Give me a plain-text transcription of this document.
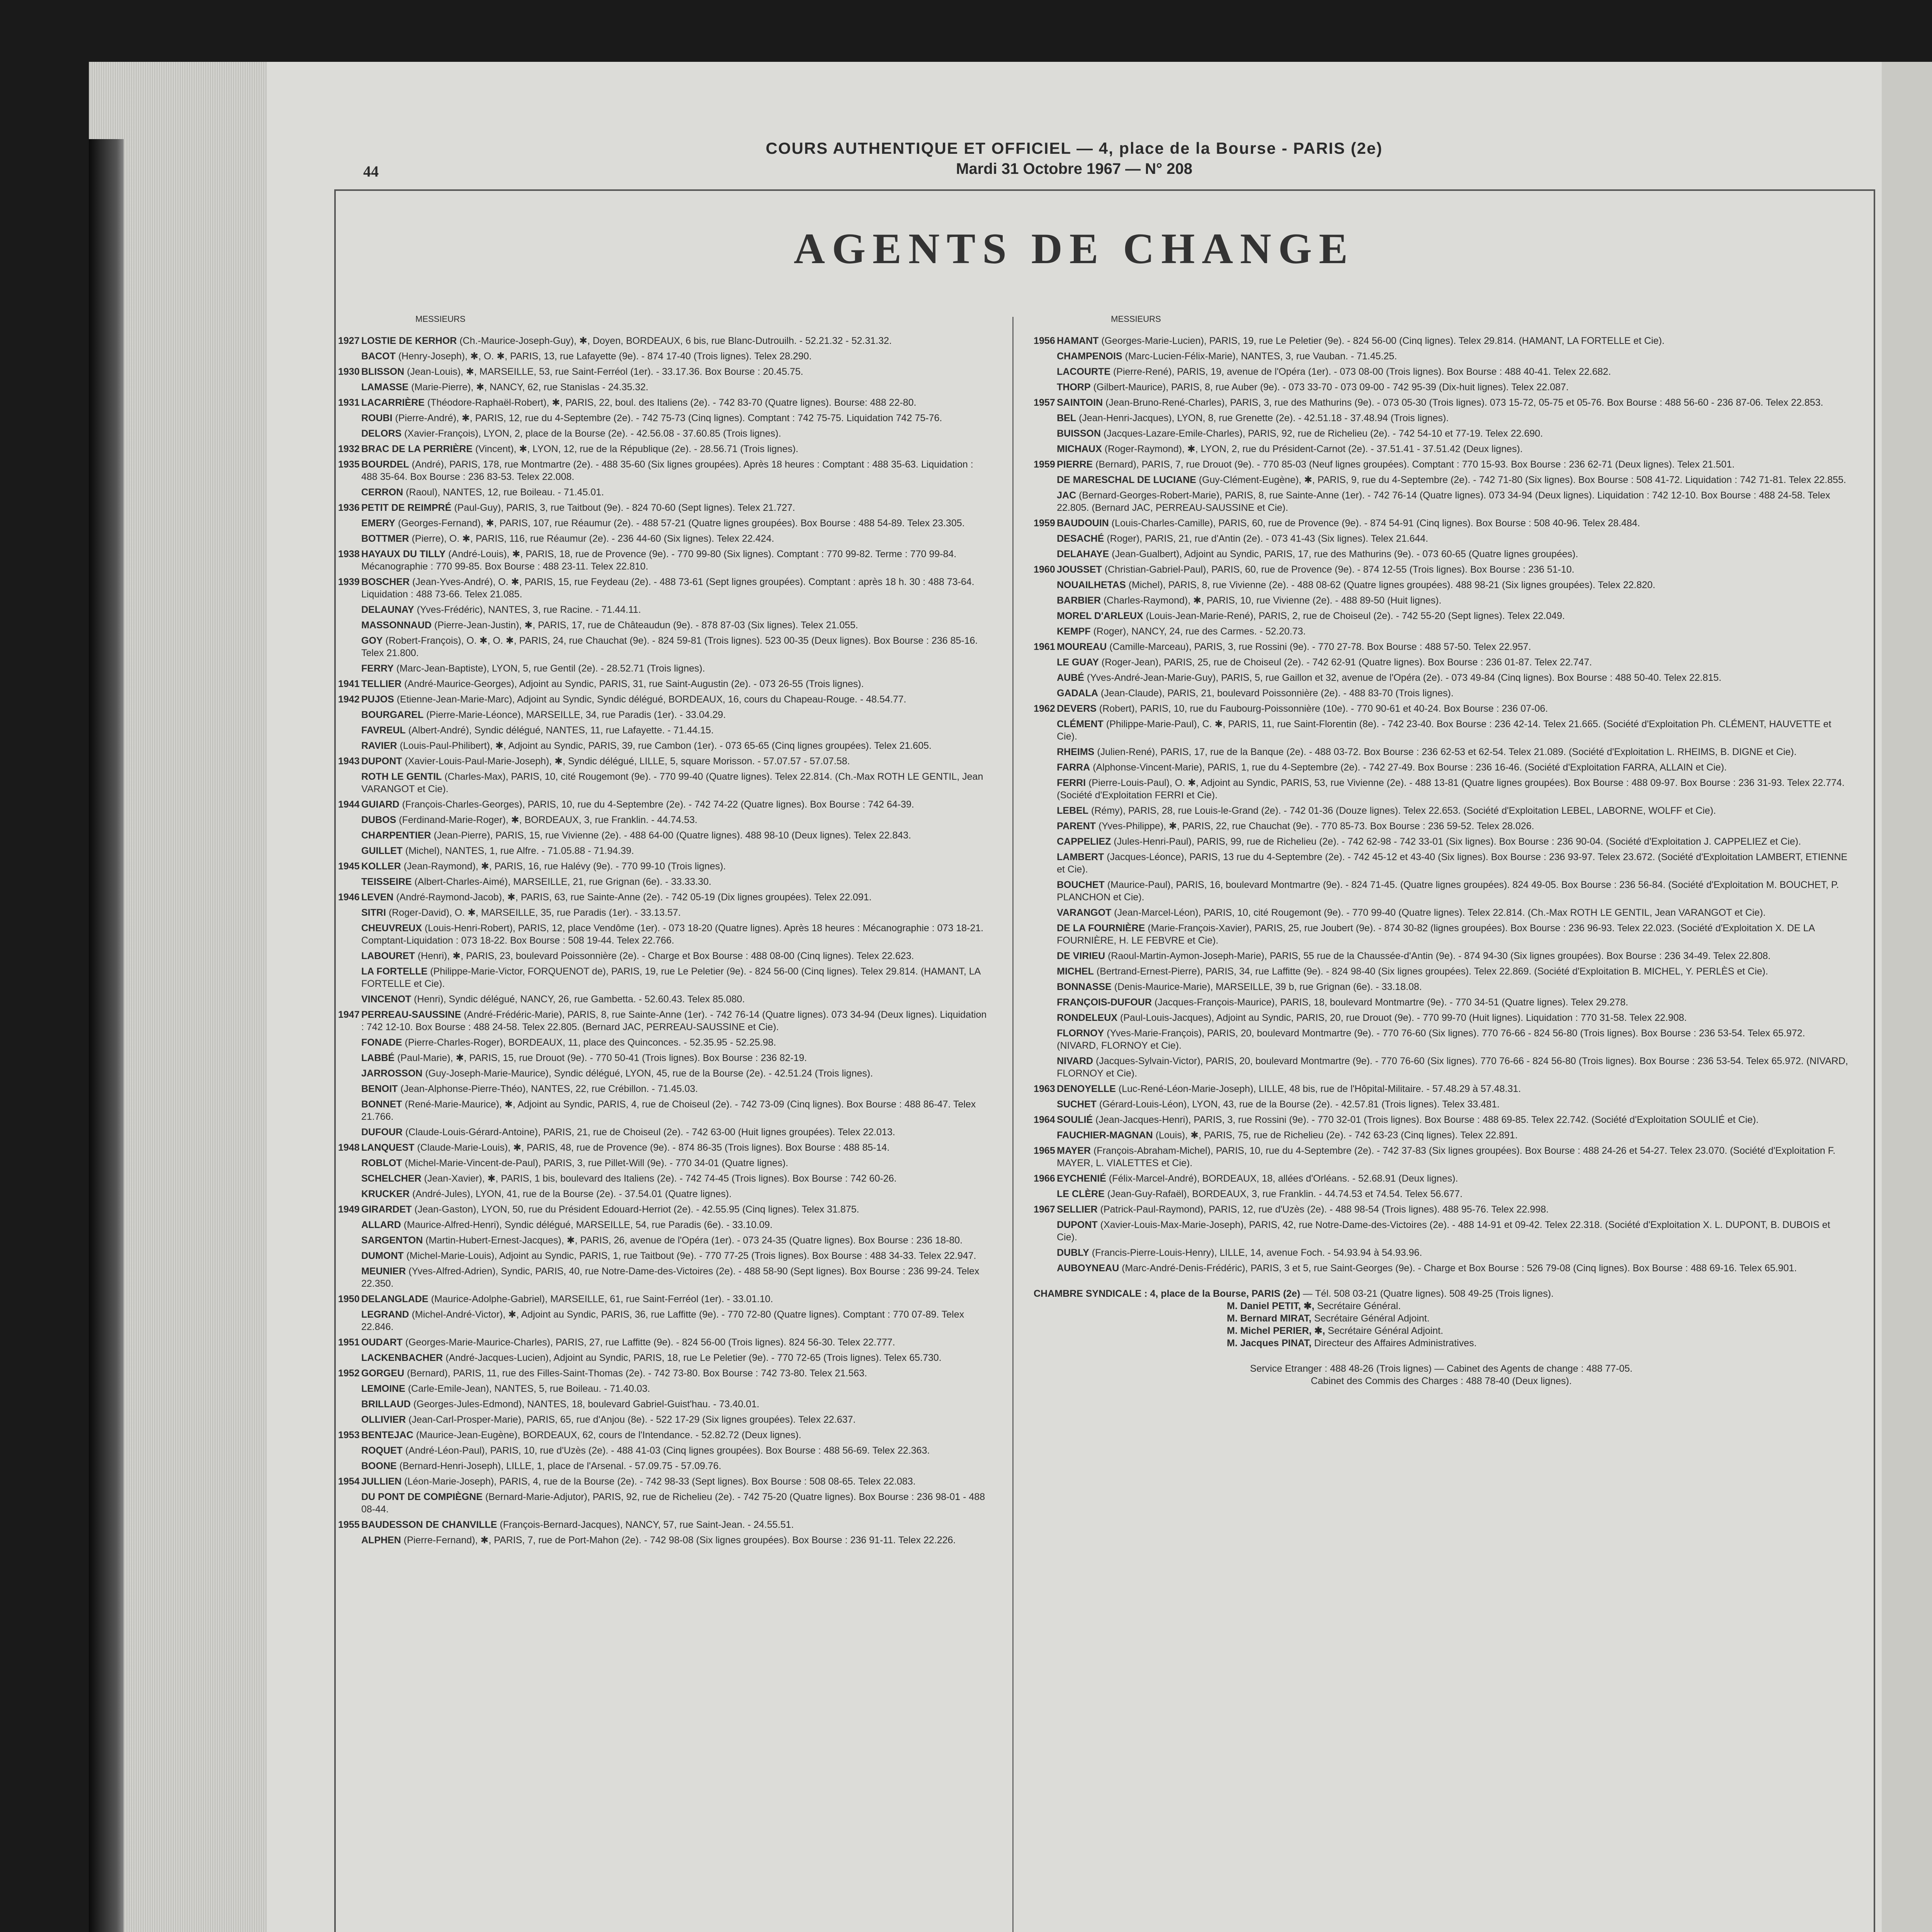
44
COURS AUTHENTIQUE ET OFFICIEL — 4, place de la Bourse - PARIS (2e)
Mardi 31 Octobre 1967 — N° 208
AGENTS DE CHANGE
MESSIEURS
1927 LOSTIE DE KERHOR (Ch.-Maurice-Joseph-Guy), ✱, Doyen, BORDEAUX, 6 bis, rue Blanc-Dutrouilh. - 52.21.32 - 52.31.32.
BACOT (Henry-Joseph), ✱, O. ✱, PARIS, 13, rue Lafayette (9e). - 874 17-40 (Trois lignes). Telex 28.290.
1930 BLISSON (Jean-Louis), ✱, MARSEILLE, 53, rue Saint-Ferréol (1er). - 33.17.36. Box Bourse : 20.45.75.
LAMASSE (Marie-Pierre), ✱, NANCY, 62, rue Stanislas - 24.35.32.
1931 LACARRIÈRE (Théodore-Raphaël-Robert), ✱, PARIS, 22, boul. des Italiens (2e). - 742 83-70 (Quatre lignes). Bourse: 488 22-80.
ROUBI (Pierre-André), ✱, PARIS, 12, rue du 4-Septembre (2e). - 742 75-73 (Cinq lignes). Comptant : 742 75-75. Liquidation 742 75-76.
DELORS (Xavier-François), LYON, 2, place de la Bourse (2e). - 42.56.08 - 37.60.85 (Trois lignes).
1932 BRAC DE LA PERRIÈRE (Vincent), ✱, LYON, 12, rue de la République (2e). - 28.56.71 (Trois lignes).
1935 BOURDEL (André), PARIS, 178, rue Montmartre (2e). - 488 35-60 (Six lignes groupées). Après 18 heures : Comptant : 488 35-63. Liquidation : 488 35-64. Box Bourse : 236 83-53. Telex 22.008.
CERRON (Raoul), NANTES, 12, rue Boileau. - 71.45.01.
1936 PETIT DE REIMPRÉ (Paul-Guy), PARIS, 3, rue Taitbout (9e). - 824 70-60 (Sept lignes). Telex 21.727.
EMERY (Georges-Fernand), ✱, PARIS, 107, rue Réaumur (2e). - 488 57-21 (Quatre lignes groupées). Box Bourse : 488 54-89. Telex 23.305.
BOTTMER (Pierre), O. ✱, PARIS, 116, rue Réaumur (2e). - 236 44-60 (Six lignes). Telex 22.424.
1938 HAYAUX DU TILLY (André-Louis), ✱, PARIS, 18, rue de Provence (9e). - 770 99-80 (Six lignes). Comptant : 770 99-82. Terme : 770 99-84. Mécanographie : 770 99-85. Box Bourse : 488 23-11. Telex 22.810.
1939 BOSCHER (Jean-Yves-André), O. ✱, PARIS, 15, rue Feydeau (2e). - 488 73-61 (Sept lignes groupées). Comptant : après 18 h. 30 : 488 73-64. Liquidation : 488 73-66. Telex 21.085.
DELAUNAY (Yves-Frédéric), NANTES, 3, rue Racine. - 71.44.11.
MASSONNAUD (Pierre-Jean-Justin), ✱, PARIS, 17, rue de Châteaudun (9e). - 878 87-03 (Six lignes). Telex 21.055.
GOY (Robert-François), O. ✱, O. ✱, PARIS, 24, rue Chauchat (9e). - 824 59-81 (Trois lignes). 523 00-35 (Deux lignes). Box Bourse : 236 85-16. Telex 21.800.
FERRY (Marc-Jean-Baptiste), LYON, 5, rue Gentil (2e). - 28.52.71 (Trois lignes).
1941 TELLIER (André-Maurice-Georges), Adjoint au Syndic, PARIS, 31, rue Saint-Augustin (2e). - 073 26-55 (Trois lignes).
1942 PUJOS (Etienne-Jean-Marie-Marc), Adjoint au Syndic, Syndic délégué, BORDEAUX, 16, cours du Chapeau-Rouge. - 48.54.77.
BOURGAREL (Pierre-Marie-Léonce), MARSEILLE, 34, rue Paradis (1er). - 33.04.29.
FAVREUL (Albert-André), Syndic délégué, NANTES, 11, rue Lafayette. - 71.44.15.
RAVIER (Louis-Paul-Philibert), ✱, Adjoint au Syndic, PARIS, 39, rue Cambon (1er). - 073 65-65 (Cinq lignes groupées). Telex 21.605.
1943 DUPONT (Xavier-Louis-Paul-Marie-Joseph), ✱, Syndic délégué, LILLE, 5, square Morisson. - 57.07.57 - 57.07.58.
ROTH LE GENTIL (Charles-Max), PARIS, 10, cité Rougemont (9e). - 770 99-40 (Quatre lignes). Telex 22.814. (Ch.-Max ROTH LE GENTIL, Jean VARANGOT et Cie).
1944 GUIARD (François-Charles-Georges), PARIS, 10, rue du 4-Septembre (2e). - 742 74-22 (Quatre lignes). Box Bourse : 742 64-39.
DUBOS (Ferdinand-Marie-Roger), ✱, BORDEAUX, 3, rue Franklin. - 44.74.53.
CHARPENTIER (Jean-Pierre), PARIS, 15, rue Vivienne (2e). - 488 64-00 (Quatre lignes). 488 98-10 (Deux lignes). Telex 22.843.
GUILLET (Michel), NANTES, 1, rue Alfre. - 71.05.88 - 71.94.39.
1945 KOLLER (Jean-Raymond), ✱, PARIS, 16, rue Halévy (9e). - 770 99-10 (Trois lignes).
TEISSEIRE (Albert-Charles-Aimé), MARSEILLE, 21, rue Grignan (6e). - 33.33.30.
1946 LEVEN (André-Raymond-Jacob), ✱, PARIS, 63, rue Sainte-Anne (2e). - 742 05-19 (Dix lignes groupées). Telex 22.091.
SITRI (Roger-David), O. ✱, MARSEILLE, 35, rue Paradis (1er). - 33.13.57.
CHEUVREUX (Louis-Henri-Robert), PARIS, 12, place Vendôme (1er). - 073 18-20 (Quatre lignes). Après 18 heures : Mécanographie : 073 18-21. Comptant-Liquidation : 073 18-22. Box Bourse : 508 19-44. Telex 22.766.
LABOURET (Henri), ✱, PARIS, 23, boulevard Poissonnière (2e). - Charge et Box Bourse : 488 08-00 (Cinq lignes). Telex 22.623.
LA FORTELLE (Philippe-Marie-Victor, FORQUENOT de), PARIS, 19, rue Le Peletier (9e). - 824 56-00 (Cinq lignes). Telex 29.814. (HAMANT, LA FORTELLE et Cie).
VINCENOT (Henri), Syndic délégué, NANCY, 26, rue Gambetta. - 52.60.43. Telex 85.080.
1947 PERREAU-SAUSSINE (André-Frédéric-Marie), PARIS, 8, rue Sainte-Anne (1er). - 742 76-14 (Quatre lignes). 073 34-94 (Deux lignes). Liquidation : 742 12-10. Box Bourse : 488 24-58. Telex 22.805. (Bernard JAC, PERREAU-SAUSSINE et Cie).
FONADE (Pierre-Charles-Roger), BORDEAUX, 11, place des Quinconces. - 52.35.95 - 52.25.98.
LABBÉ (Paul-Marie), ✱, PARIS, 15, rue Drouot (9e). - 770 50-41 (Trois lignes). Box Bourse : 236 82-19.
JARROSSON (Guy-Joseph-Marie-Maurice), Syndic délégué, LYON, 45, rue de la Bourse (2e). - 42.51.24 (Trois lignes).
BENOIT (Jean-Alphonse-Pierre-Théo), NANTES, 22, rue Crébillon. - 71.45.03.
BONNET (René-Marie-Maurice), ✱, Adjoint au Syndic, PARIS, 4, rue de Choiseul (2e). - 742 73-09 (Cinq lignes). Box Bourse : 488 86-47. Telex 21.766.
DUFOUR (Claude-Louis-Gérard-Antoine), PARIS, 21, rue de Choiseul (2e). - 742 63-00 (Huit lignes groupées). Telex 22.013.
1948 LANQUEST (Claude-Marie-Louis), ✱, PARIS, 48, rue de Provence (9e). - 874 86-35 (Trois lignes). Box Bourse : 488 85-14.
ROBLOT (Michel-Marie-Vincent-de-Paul), PARIS, 3, rue Pillet-Will (9e). - 770 34-01 (Quatre lignes).
SCHELCHER (Jean-Xavier), ✱, PARIS, 1 bis, boulevard des Italiens (2e). - 742 74-45 (Trois lignes). Box Bourse : 742 60-26.
KRUCKER (André-Jules), LYON, 41, rue de la Bourse (2e). - 37.54.01 (Quatre lignes).
1949 GIRARDET (Jean-Gaston), LYON, 50, rue du Président Edouard-Herriot (2e). - 42.55.95 (Cinq lignes). Telex 31.875.
ALLARD (Maurice-Alfred-Henri), Syndic délégué, MARSEILLE, 54, rue Paradis (6e). - 33.10.09.
SARGENTON (Martin-Hubert-Ernest-Jacques), ✱, PARIS, 26, avenue de l'Opéra (1er). - 073 24-35 (Quatre lignes). Box Bourse : 236 18-80.
DUMONT (Michel-Marie-Louis), Adjoint au Syndic, PARIS, 1, rue Taitbout (9e). - 770 77-25 (Trois lignes). Box Bourse : 488 34-33. Telex 22.947.
MEUNIER (Yves-Alfred-Adrien), Syndic, PARIS, 40, rue Notre-Dame-des-Victoires (2e). - 488 58-90 (Sept lignes). Box Bourse : 236 99-24. Telex 22.350.
1950 DELANGLADE (Maurice-Adolphe-Gabriel), MARSEILLE, 61, rue Saint-Ferréol (1er). - 33.01.10.
LEGRAND (Michel-André-Victor), ✱, Adjoint au Syndic, PARIS, 36, rue Laffitte (9e). - 770 72-80 (Quatre lignes). Comptant : 770 07-89. Telex 22.846.
1951 OUDART (Georges-Marie-Maurice-Charles), PARIS, 27, rue Laffitte (9e). - 824 56-00 (Trois lignes). 824 56-30. Telex 22.777.
LACKENBACHER (André-Jacques-Lucien), Adjoint au Syndic, PARIS, 18, rue Le Peletier (9e). - 770 72-65 (Trois lignes). Telex 65.730.
1952 GORGEU (Bernard), PARIS, 11, rue des Filles-Saint-Thomas (2e). - 742 73-80. Box Bourse : 742 73-80. Telex 21.563.
LEMOINE (Carle-Emile-Jean), NANTES, 5, rue Boileau. - 71.40.03.
BRILLAUD (Georges-Jules-Edmond), NANTES, 18, boulevard Gabriel-Guist'hau. - 73.40.01.
OLLIVIER (Jean-Carl-Prosper-Marie), PARIS, 65, rue d'Anjou (8e). - 522 17-29 (Six lignes groupées). Telex 22.637.
1953 BENTEJAC (Maurice-Jean-Eugène), BORDEAUX, 62, cours de l'Intendance. - 52.82.72 (Deux lignes).
ROQUET (André-Léon-Paul), PARIS, 10, rue d'Uzès (2e). - 488 41-03 (Cinq lignes groupées). Box Bourse : 488 56-69. Telex 22.363.
BOONE (Bernard-Henri-Joseph), LILLE, 1, place de l'Arsenal. - 57.09.75 - 57.09.76.
1954 JULLIEN (Léon-Marie-Joseph), PARIS, 4, rue de la Bourse (2e). - 742 98-33 (Sept lignes). Box Bourse : 508 08-65. Telex 22.083.
DU PONT DE COMPIÈGNE (Bernard-Marie-Adjutor), PARIS, 92, rue de Richelieu (2e). - 742 75-20 (Quatre lignes). Box Bourse : 236 98-01 - 488 08-44.
1955 BAUDESSON DE CHANVILLE (François-Bernard-Jacques), NANCY, 57, rue Saint-Jean. - 24.55.51.
ALPHEN (Pierre-Fernand), ✱, PARIS, 7, rue de Port-Mahon (2e). - 742 98-08 (Six lignes groupées). Box Bourse : 236 91-11. Telex 22.226.
MESSIEURS
1956 HAMANT (Georges-Marie-Lucien), PARIS, 19, rue Le Peletier (9e). - 824 56-00 (Cinq lignes). Telex 29.814. (HAMANT, LA FORTELLE et Cie).
CHAMPENOIS (Marc-Lucien-Félix-Marie), NANTES, 3, rue Vauban. - 71.45.25.
LACOURTE (Pierre-René), PARIS, 19, avenue de l'Opéra (1er). - 073 08-00 (Trois lignes). Box Bourse : 488 40-41. Telex 22.682.
THORP (Gilbert-Maurice), PARIS, 8, rue Auber (9e). - 073 33-70 - 073 09-00 - 742 95-39 (Dix-huit lignes). Telex 22.087.
1957 SAINTOIN (Jean-Bruno-René-Charles), PARIS, 3, rue des Mathurins (9e). - 073 05-30 (Trois lignes). 073 15-72, 05-75 et 05-76. Box Bourse : 488 56-60 - 236 87-06. Telex 22.853.
BEL (Jean-Henri-Jacques), LYON, 8, rue Grenette (2e). - 42.51.18 - 37.48.94 (Trois lignes).
BUISSON (Jacques-Lazare-Emile-Charles), PARIS, 92, rue de Richelieu (2e). - 742 54-10 et 77-19. Telex 22.690.
MICHAUX (Roger-Raymond), ✱, LYON, 2, rue du Président-Carnot (2e). - 37.51.41 - 37.51.42 (Deux lignes).
1959 PIERRE (Bernard), PARIS, 7, rue Drouot (9e). - 770 85-03 (Neuf lignes groupées). Comptant : 770 15-93. Box Bourse : 236 62-71 (Deux lignes). Telex 21.501.
DE MARESCHAL DE LUCIANE (Guy-Clément-Eugène), ✱, PARIS, 9, rue du 4-Septembre (2e). - 742 71-80 (Six lignes). Box Bourse : 508 41-72. Liquidation : 742 71-81. Telex 22.855.
JAC (Bernard-Georges-Robert-Marie), PARIS, 8, rue Sainte-Anne (1er). - 742 76-14 (Quatre lignes). 073 34-94 (Deux lignes). Liquidation : 742 12-10. Box Bourse : 488 24-58. Telex 22.805. (Bernard JAC, PERREAU-SAUSSINE et Cie).
1959 BAUDOUIN (Louis-Charles-Camille), PARIS, 60, rue de Provence (9e). - 874 54-91 (Cinq lignes). Box Bourse : 508 40-96. Telex 28.484.
DESACHÉ (Roger), PARIS, 21, rue d'Antin (2e). - 073 41-43 (Six lignes). Telex 21.644.
DELAHAYE (Jean-Gualbert), Adjoint au Syndic, PARIS, 17, rue des Mathurins (9e). - 073 60-65 (Quatre lignes groupées).
1960 JOUSSET (Christian-Gabriel-Paul), PARIS, 60, rue de Provence (9e). - 874 12-55 (Trois lignes). Box Bourse : 236 51-10.
NOUAILHETAS (Michel), PARIS, 8, rue Vivienne (2e). - 488 08-62 (Quatre lignes groupées). 488 98-21 (Six lignes groupées). Telex 22.820.
BARBIER (Charles-Raymond), ✱, PARIS, 10, rue Vivienne (2e). - 488 89-50 (Huit lignes).
MOREL D'ARLEUX (Louis-Jean-Marie-René), PARIS, 2, rue de Choiseul (2e). - 742 55-20 (Sept lignes). Telex 22.049.
KEMPF (Roger), NANCY, 24, rue des Carmes. - 52.20.73.
1961 MOUREAU (Camille-Marceau), PARIS, 3, rue Rossini (9e). - 770 27-78. Box Bourse : 488 57-50. Telex 22.957.
LE GUAY (Roger-Jean), PARIS, 25, rue de Choiseul (2e). - 742 62-91 (Quatre lignes). Box Bourse : 236 01-87. Telex 22.747.
AUBÉ (Yves-André-Jean-Marie-Guy), PARIS, 5, rue Gaillon et 32, avenue de l'Opéra (2e). - 073 49-84 (Cinq lignes). Box Bourse : 488 50-40. Telex 22.815.
GADALA (Jean-Claude), PARIS, 21, boulevard Poissonnière (2e). - 488 83-70 (Trois lignes).
1962 DEVERS (Robert), PARIS, 10, rue du Faubourg-Poissonnière (10e). - 770 90-61 et 40-24. Box Bourse : 236 07-06.
CLÉMENT (Philippe-Marie-Paul), C. ✱, PARIS, 11, rue Saint-Florentin (8e). - 742 23-40. Box Bourse : 236 42-14. Telex 21.665. (Société d'Exploitation Ph. CLÉMENT, HAUVETTE et Cie).
RHEIMS (Julien-René), PARIS, 17, rue de la Banque (2e). - 488 03-72. Box Bourse : 236 62-53 et 62-54. Telex 21.089. (Société d'Exploitation L. RHEIMS, B. DIGNE et Cie).
FARRA (Alphonse-Vincent-Marie), PARIS, 1, rue du 4-Septembre (2e). - 742 27-49. Box Bourse : 236 16-46. (Société d'Exploitation FARRA, ALLAIN et Cie).
FERRI (Pierre-Louis-Paul), O. ✱, Adjoint au Syndic, PARIS, 53, rue Vivienne (2e). - 488 13-81 (Quatre lignes groupées). Box Bourse : 488 09-97. Box Bourse : 236 31-93. Telex 22.774. (Société d'Exploitation FERRI et Cie).
LEBEL (Rémy), PARIS, 28, rue Louis-le-Grand (2e). - 742 01-36 (Douze lignes). Telex 22.653. (Société d'Exploitation LEBEL, LABORNE, WOLFF et Cie).
PARENT (Yves-Philippe), ✱, PARIS, 22, rue Chauchat (9e). - 770 85-73. Box Bourse : 236 59-52. Telex 28.026.
CAPPELIEZ (Jules-Henri-Paul), PARIS, 99, rue de Richelieu (2e). - 742 62-98 - 742 33-01 (Six lignes). Box Bourse : 236 90-04. (Société d'Exploitation J. CAPPELIEZ et Cie).
LAMBERT (Jacques-Léonce), PARIS, 13 rue du 4-Septembre (2e). - 742 45-12 et 43-40 (Six lignes). Box Bourse : 236 93-97. Telex 23.672. (Société d'Exploitation LAMBERT, ETIENNE et Cie).
BOUCHET (Maurice-Paul), PARIS, 16, boulevard Montmartre (9e). - 824 71-45. (Quatre lignes groupées). 824 49-05. Box Bourse : 236 56-84. (Société d'Exploitation M. BOUCHET, P. PLANCHON et Cie).
VARANGOT (Jean-Marcel-Léon), PARIS, 10, cité Rougemont (9e). - 770 99-40 (Quatre lignes). Telex 22.814. (Ch.-Max ROTH LE GENTIL, Jean VARANGOT et Cie).
DE LA FOURNIÈRE (Marie-François-Xavier), PARIS, 25, rue Joubert (9e). - 874 30-82 (lignes groupées). Box Bourse : 236 96-93. Telex 22.023. (Société d'Exploitation X. DE LA FOURNIÈRE, H. LE FEBVRE et Cie).
DE VIRIEU (Raoul-Martin-Aymon-Joseph-Marie), PARIS, 55 rue de la Chaussée-d'Antin (9e). - 874 94-30 (Six lignes groupées). Box Bourse : 236 34-49. Telex 22.808.
MICHEL (Bertrand-Ernest-Pierre), PARIS, 34, rue Laffitte (9e). - 824 98-40 (Six lignes groupées). Telex 22.869. (Société d'Exploitation B. MICHEL, Y. PERLÈS et Cie).
BONNASSE (Denis-Maurice-Marie), MARSEILLE, 39 b, rue Grignan (6e). - 33.18.08.
FRANÇOIS-DUFOUR (Jacques-François-Maurice), PARIS, 18, boulevard Montmartre (9e). - 770 34-51 (Quatre lignes). Telex 29.278.
RONDELEUX (Paul-Louis-Jacques), Adjoint au Syndic, PARIS, 20, rue Drouot (9e). - 770 99-70 (Huit lignes). Liquidation : 770 31-58. Telex 22.908.
FLORNOY (Yves-Marie-François), PARIS, 20, boulevard Montmartre (9e). - 770 76-60 (Six lignes). 770 76-66 - 824 56-80 (Trois lignes). Box Bourse : 236 53-54. Telex 65.972. (NIVARD, FLORNOY et Cie).
NIVARD (Jacques-Sylvain-Victor), PARIS, 20, boulevard Montmartre (9e). - 770 76-60 (Six lignes). 770 76-66 - 824 56-80 (Trois lignes). Box Bourse : 236 53-54. Telex 65.972. (NIVARD, FLORNOY et Cie).
1963 DENOYELLE (Luc-René-Léon-Marie-Joseph), LILLE, 48 bis, rue de l'Hôpital-Militaire. - 57.48.29 à 57.48.31.
SUCHET (Gérard-Louis-Léon), LYON, 43, rue de la Bourse (2e). - 42.57.81 (Trois lignes). Telex 33.481.
1964 SOULIÉ (Jean-Jacques-Henri), PARIS, 3, rue Rossini (9e). - 770 32-01 (Trois lignes). Box Bourse : 488 69-85. Telex 22.742. (Société d'Exploitation SOULIÉ et Cie).
FAUCHIER-MAGNAN (Louis), ✱, PARIS, 75, rue de Richelieu (2e). - 742 63-23 (Cinq lignes). Telex 22.891.
1965 MAYER (François-Abraham-Michel), PARIS, 10, rue du 4-Septembre (2e). - 742 37-83 (Six lignes groupées). Box Bourse : 488 24-26 et 54-27. Telex 23.070. (Société d'Exploitation F. MAYER, L. VIALETTES et Cie).
1966 EYCHENIÉ (Félix-Marcel-André), BORDEAUX, 18, allées d'Orléans. - 52.68.91 (Deux lignes).
LE CLÈRE (Jean-Guy-Rafaël), BORDEAUX, 3, rue Franklin. - 44.74.53 et 74.54. Telex 56.677.
1967 SELLIER (Patrick-Paul-Raymond), PARIS, 12, rue d'Uzès (2e). - 488 98-54 (Trois lignes). 488 95-76. Telex 22.998.
DUPONT (Xavier-Louis-Max-Marie-Joseph), PARIS, 42, rue Notre-Dame-des-Victoires (2e). - 488 14-91 et 09-42. Telex 22.318. (Société d'Exploitation X. L. DUPONT, B. DUBOIS et Cie).
DUBLY (Francis-Pierre-Louis-Henry), LILLE, 14, avenue Foch. - 54.93.94 à 54.93.96.
AUBOYNEAU (Marc-André-Denis-Frédéric), PARIS, 3 et 5, rue Saint-Georges (9e). - Charge et Box Bourse : 526 79-08 (Cinq lignes). Box Bourse : 488 69-16. Telex 65.901.
CHAMBRE SYNDICALE : 4, place de la Bourse, PARIS (2e) — Tél. 508 03-21 (Quatre lignes). 508 49-25 (Trois lignes).
M. Daniel PETIT, ✱, Secrétaire Général.
M. Bernard MIRAT, Secrétaire Général Adjoint.
M. Michel PERIER, ✱, Secrétaire Général Adjoint.
M. Jacques PINAT, Directeur des Affaires Administratives.
Service Etranger : 488 48-26 (Trois lignes) — Cabinet des Agents de change : 488 77-05.
Cabinet des Commis des Charges : 488 78-40 (Deux lignes).
